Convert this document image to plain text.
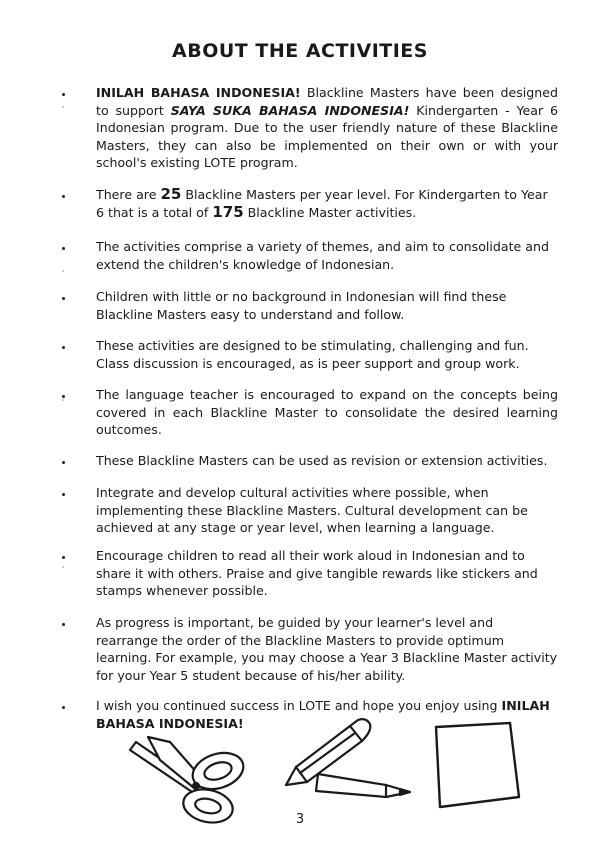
ABOUT THE ACTIVITIES
INILAH BAHASA INDONESIA! Blackline Masters have been designed to support SAYA SUKA BAHASA INDONESIA! Kindergarten - Year 6 Indonesian program. Due to the user friendly nature of these Blackline Masters, they can also be implemented on their own or with your school's existing LOTE program.
There are 25 Blackline Masters per year level. For Kindergarten to Year 6 that is a total of 175 Blackline Master activities.
The activities comprise a variety of themes, and aim to consolidate and extend the children's knowledge of Indonesian.
Children with little or no background in Indonesian will find these Blackline Masters easy to understand and follow.
These activities are designed to be stimulating, challenging and fun. Class discussion is encouraged, as is peer support and group work.
The language teacher is encouraged to expand on the concepts being covered in each Blackline Master to consolidate the desired learning outcomes.
These Blackline Masters can be used as revision or extension activities.
Integrate and develop cultural activities where possible, when implementing these Blackline Masters. Cultural development can be achieved at any stage or year level, when learning a language.
Encourage children to read all their work aloud in Indonesian and to share it with others. Praise and give tangible rewards like stickers and stamps whenever possible.
As progress is important, be guided by your learner's level and rearrange the order of the Blackline Masters to provide optimum learning. For example, you may choose a Year 3 Blackline Master activity for your Year 5 student because of his/her ability.
I wish you continued success in LOTE and hope you enjoy using INILAH BAHASA INDONESIA!
3
